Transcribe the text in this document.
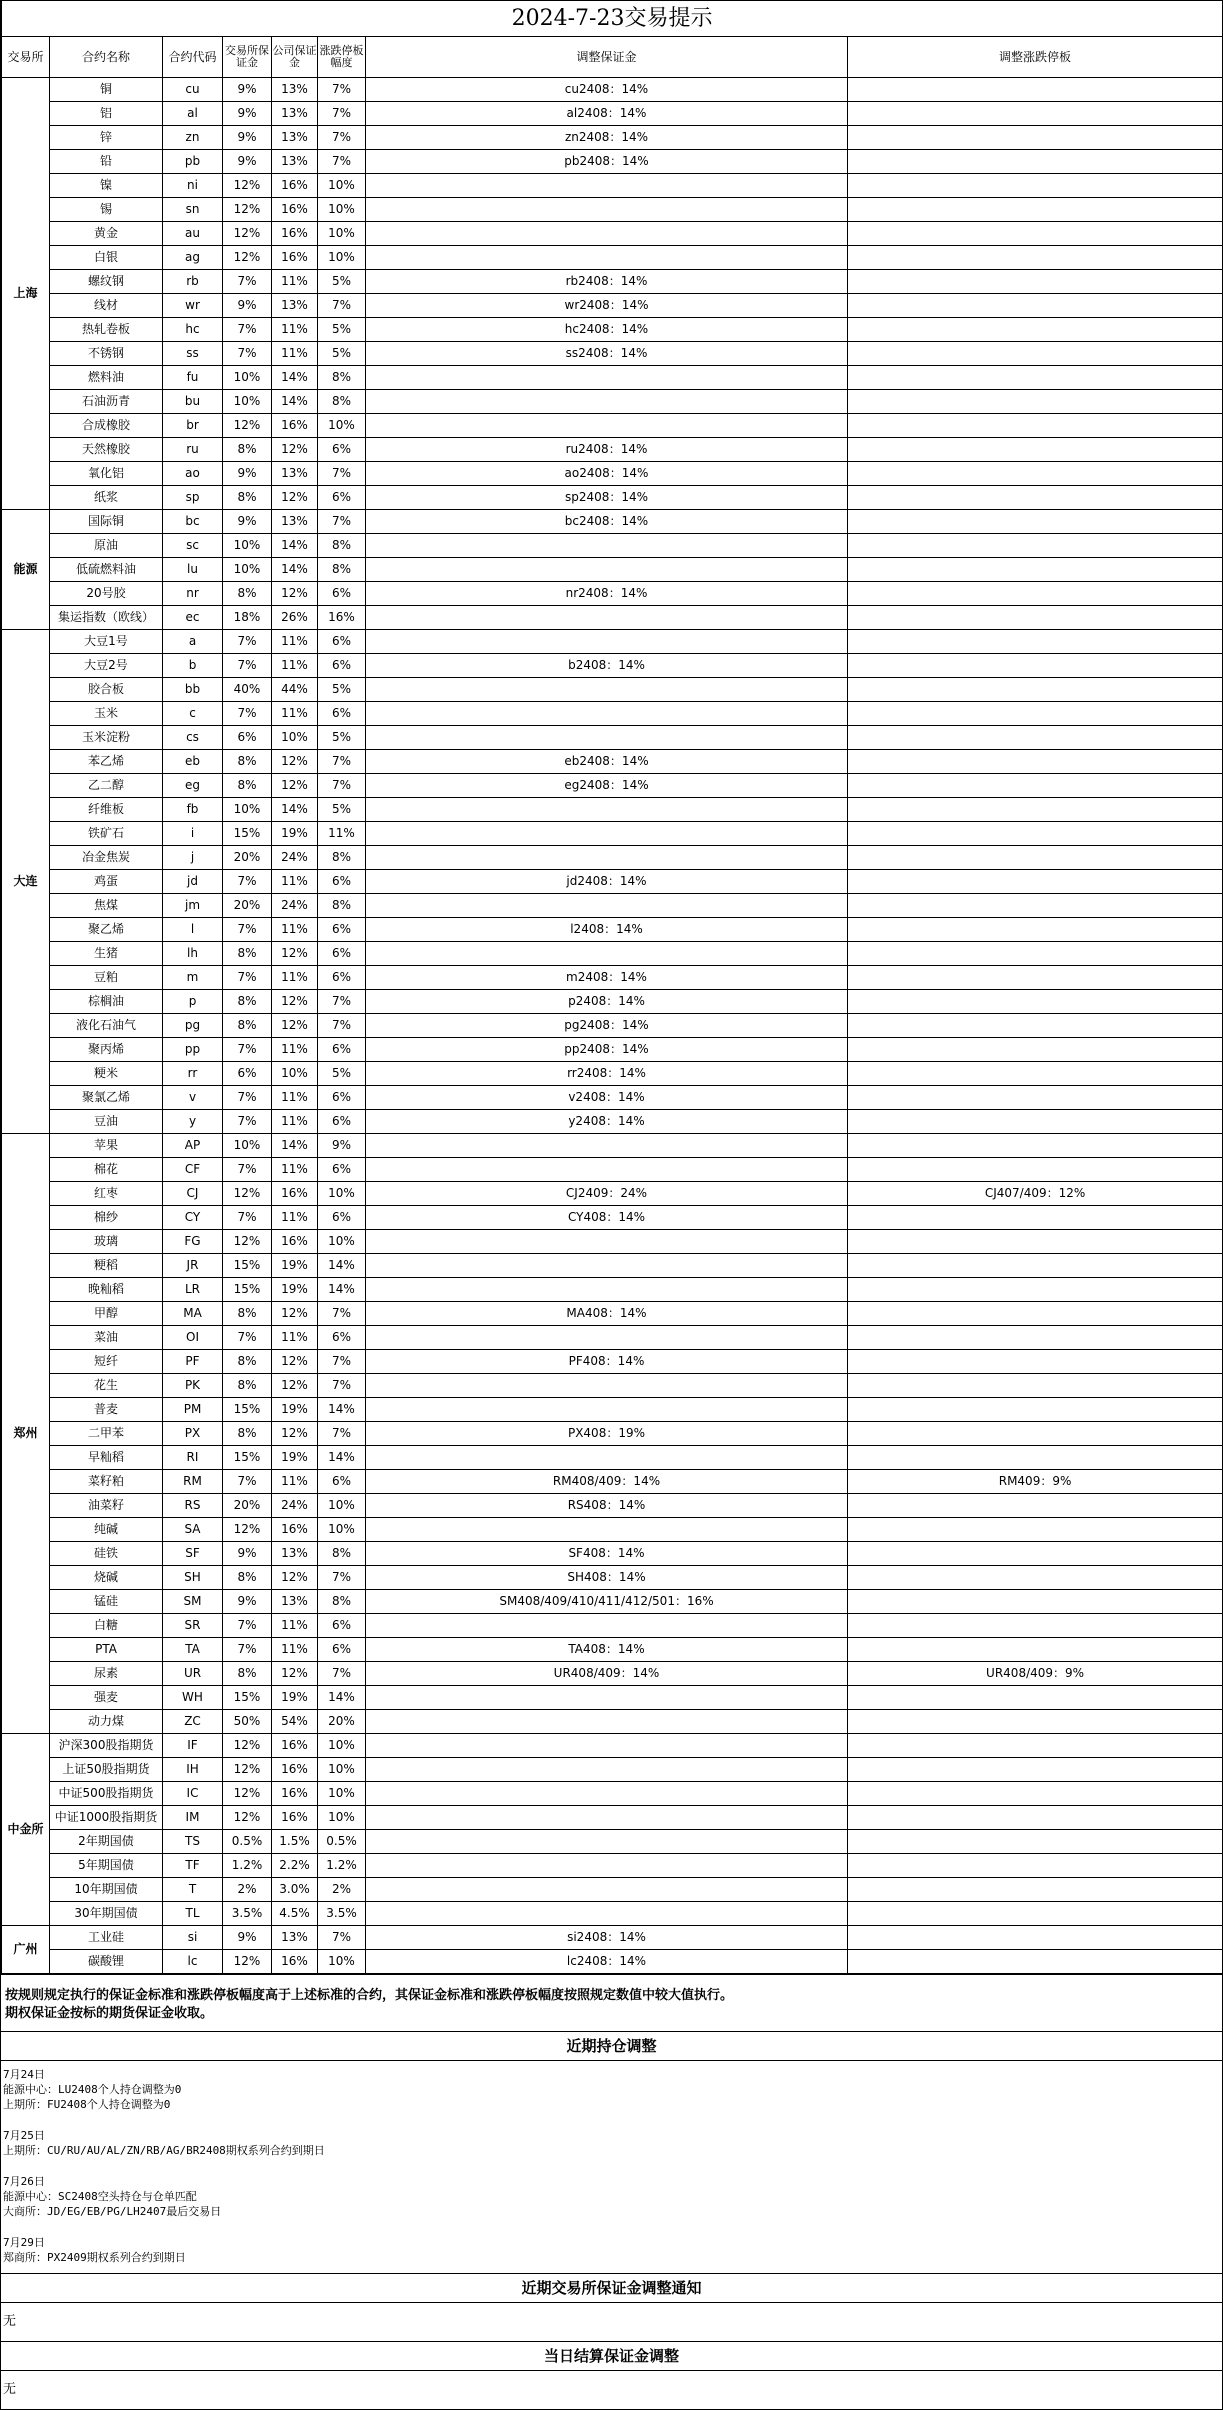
2024-7-23交易提示							
交易所	合约名称	合约代码	交易所保证金	公司保证金	涨跌停板幅度	调整保证金	调整涨跌停板
上海	铜	cu	9%	13%	7%	cu2408：14%	
	铝	al	9%	13%	7%	al2408：14%	
	锌	zn	9%	13%	7%	zn2408：14%	
	铅	pb	9%	13%	7%	pb2408：14%	
	镍	ni	12%	16%	10%		
	锡	sn	12%	16%	10%		
	黄金	au	12%	16%	10%		
	白银	ag	12%	16%	10%		
	螺纹钢	rb	7%	11%	5%	rb2408：14%	
	线材	wr	9%	13%	7%	wr2408：14%	
	热轧卷板	hc	7%	11%	5%	hc2408：14%	
	不锈钢	ss	7%	11%	5%	ss2408：14%	
	燃料油	fu	10%	14%	8%		
	石油沥青	bu	10%	14%	8%		
	合成橡胶	br	12%	16%	10%		
	天然橡胶	ru	8%	12%	6%	ru2408：14%	
	氧化铝	ao	9%	13%	7%	ao2408：14%	
	纸浆	sp	8%	12%	6%	sp2408：14%	
能源	国际铜	bc	9%	13%	7%	bc2408：14%	
	原油	sc	10%	14%	8%		
	低硫燃料油	lu	10%	14%	8%		
	20号胶	nr	8%	12%	6%	nr2408：14%	
	集运指数（欧线）	ec	18%	26%	16%		
大连	大豆1号	a	7%	11%	6%		
	大豆2号	b	7%	11%	6%	b2408：14%	
	胶合板	bb	40%	44%	5%		
	玉米	c	7%	11%	6%		
	玉米淀粉	cs	6%	10%	5%		
	苯乙烯	eb	8%	12%	7%	eb2408：14%	
	乙二醇	eg	8%	12%	7%	eg2408：14%	
	纤维板	fb	10%	14%	5%		
	铁矿石	i	15%	19%	11%		
	冶金焦炭	j	20%	24%	8%		
	鸡蛋	jd	7%	11%	6%	jd2408：14%	
	焦煤	jm	20%	24%	8%		
	聚乙烯	l	7%	11%	6%	l2408：14%	
	生猪	lh	8%	12%	6%		
	豆粕	m	7%	11%	6%	m2408：14%	
	棕榈油	p	8%	12%	7%	p2408：14%	
	液化石油气	pg	8%	12%	7%	pg2408：14%	
	聚丙烯	pp	7%	11%	6%	pp2408：14%	
	粳米	rr	6%	10%	5%	rr2408：14%	
	聚氯乙烯	v	7%	11%	6%	v2408：14%	
	豆油	y	7%	11%	6%	y2408：14%	
郑州	苹果	AP	10%	14%	9%		
	棉花	CF	7%	11%	6%		
	红枣	CJ	12%	16%	10%	CJ2409：24%	CJ407/409：12%
	棉纱	CY	7%	11%	6%	CY408：14%	
	玻璃	FG	12%	16%	10%		
	粳稻	JR	15%	19%	14%		
	晚籼稻	LR	15%	19%	14%		
	甲醇	MA	8%	12%	7%	MA408：14%	
	菜油	OI	7%	11%	6%		
	短纤	PF	8%	12%	7%	PF408：14%	
	花生	PK	8%	12%	7%		
	普麦	PM	15%	19%	14%		
	二甲苯	PX	8%	12%	7%	PX408：19%	
	早籼稻	RI	15%	19%	14%		
	菜籽粕	RM	7%	11%	6%	RM408/409：14%	RM409：9%
	油菜籽	RS	20%	24%	10%	RS408：14%	
	纯碱	SA	12%	16%	10%		
	硅铁	SF	9%	13%	8%	SF408：14%	
	烧碱	SH	8%	12%	7%	SH408：14%	
	锰硅	SM	9%	13%	8%	SM408/409/410/411/412/501：16%	
	白糖	SR	7%	11%	6%		
	PTA	TA	7%	11%	6%	TA408：14%	
	尿素	UR	8%	12%	7%	UR408/409：14%	UR408/409：9%
	强麦	WH	15%	19%	14%		
	动力煤	ZC	50%	54%	20%		
中金所	沪深300股指期货	IF	12%	16%	10%		
	上证50股指期货	IH	12%	16%	10%		
	中证500股指期货	IC	12%	16%	10%		
	中证1000股指期货	IM	12%	16%	10%		
	2年期国债	TS	0.5%	1.5%	0.5%		
	5年期国债	TF	1.2%	2.2%	1.2%		
	10年期国债	T	2%	3.0%	2%		
	30年期国债	TL	3.5%	4.5%	3.5%		
广州	工业硅	si	9%	13%	7%	si2408：14%	
	碳酸锂	lc	12%	16%	10%	lc2408：14%	
按规则规定执行的保证金标准和涨跌停板幅度高于上述标准的合约，其保证金标准和涨跌停板幅度按照规定数值中较大值执行。
期权保证金按标的期货保证金收取。
近期持仓调整
7月24日
能源中心：LU2408个人持仓调整为0
上期所：FU2408个人持仓调整为0
7月25日
上期所：CU/RU/AU/AL/ZN/RB/AG/BR2408期权系列合约到期日
7月26日
能源中心：SC2408空头持仓与仓单匹配
大商所：JD/EG/EB/PG/LH2407最后交易日
7月29日
郑商所：PX2409期权系列合约到期日
近期交易所保证金调整通知
无
当日结算保证金调整
无
